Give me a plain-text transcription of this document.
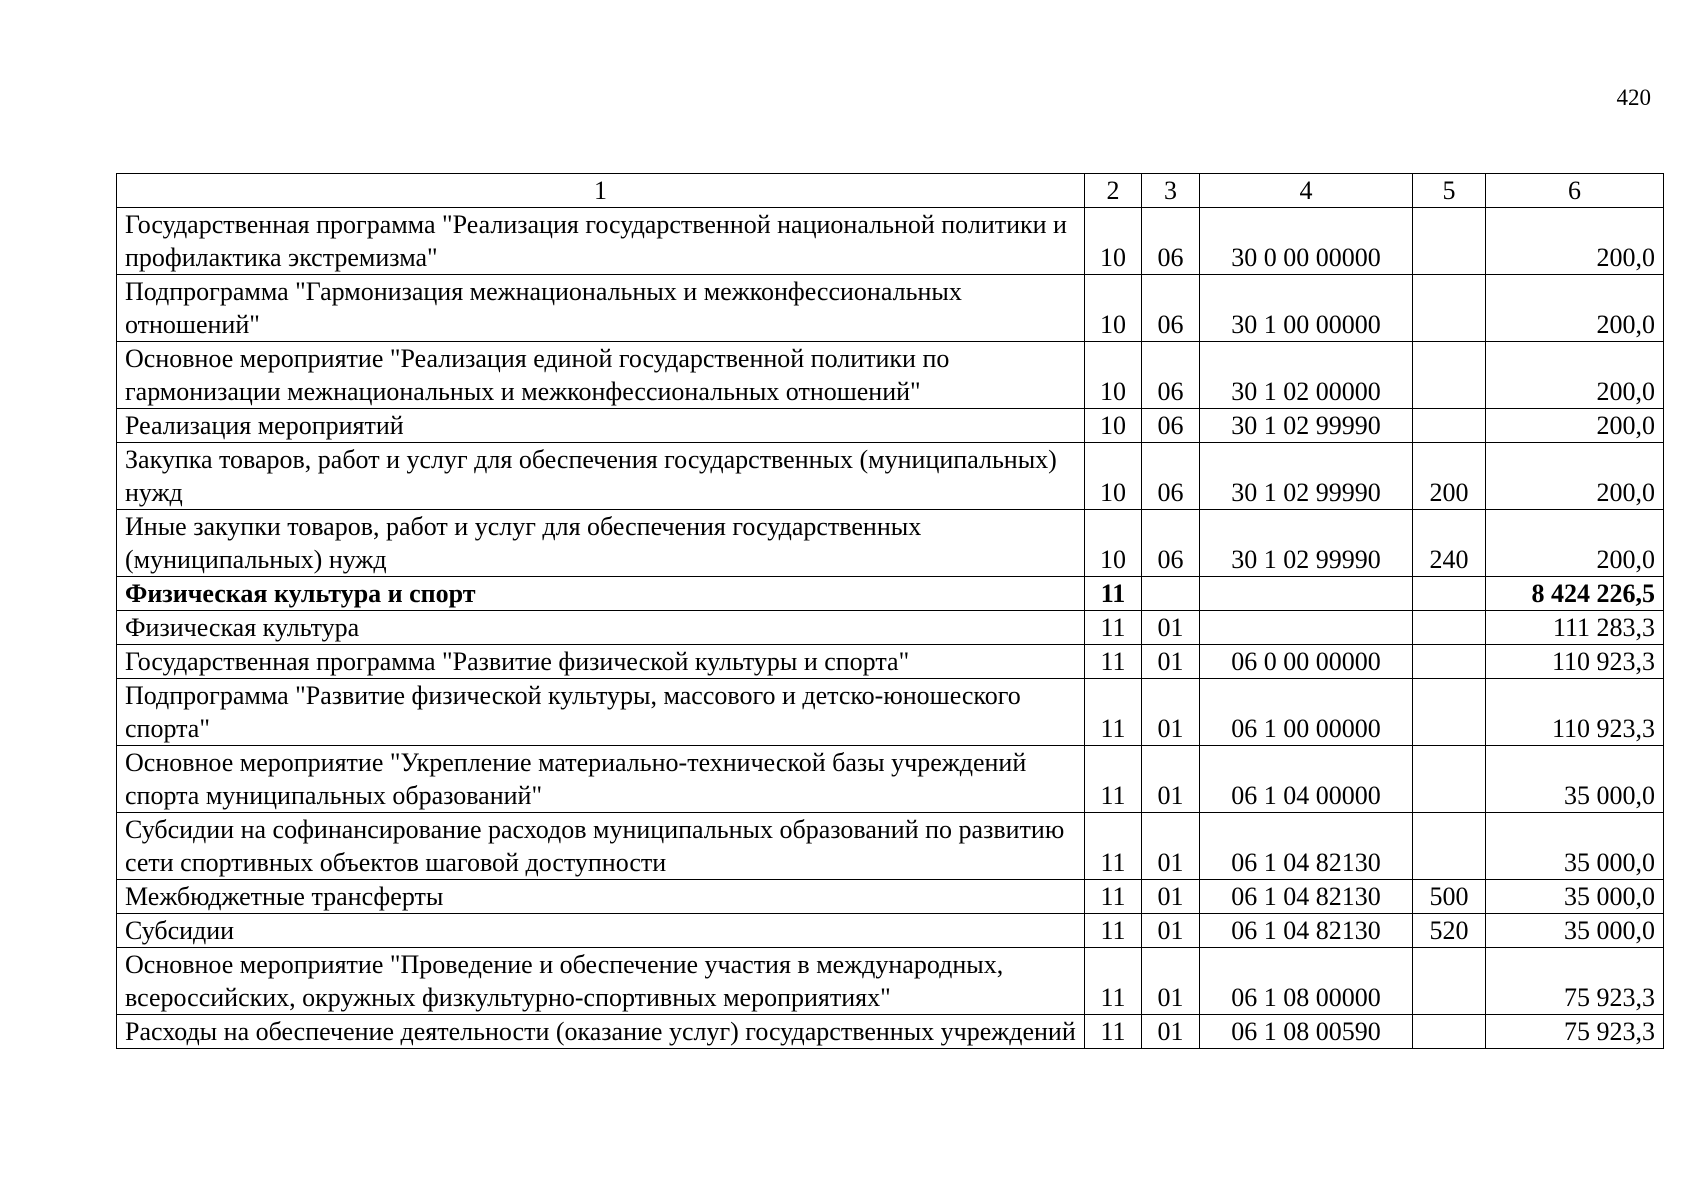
420
1	2	3	4	5	6
Государственная программа "Реализация государственной национальной политики и профилактика экстремизма"	10	06	30 0 00 00000		200,0
Подпрограмма "Гармонизация межнациональных и межконфессиональных отношений"	10	06	30 1 00 00000		200,0
Основное мероприятие "Реализация единой государственной политики по гармонизации межнациональных и межконфессиональных отношений"	10	06	30 1 02 00000		200,0
Реализация мероприятий	10	06	30 1 02 99990		200,0
Закупка товаров, работ и услуг для обеспечения государственных (муниципальных) нужд	10	06	30 1 02 99990	200	200,0
Иные закупки товаров, работ и услуг для обеспечения государственных (муниципальных) нужд	10	06	30 1 02 99990	240	200,0
Физическая культура и спорт	11				8 424 226,5
Физическая культура	11	01			111 283,3
Государственная программа "Развитие физической культуры и спорта"	11	01	06 0 00 00000		110 923,3
Подпрограмма "Развитие физической культуры, массового и детско-юношеского спорта"	11	01	06 1 00 00000		110 923,3
Основное мероприятие "Укрепление материально-технической базы учреждений спорта муниципальных образований"	11	01	06 1 04 00000		35 000,0
Субсидии на софинансирование расходов муниципальных образований по развитию сети спортивных объектов шаговой доступности	11	01	06 1 04 82130		35 000,0
Межбюджетные трансферты	11	01	06 1 04 82130	500	35 000,0
Субсидии	11	01	06 1 04 82130	520	35 000,0
Основное мероприятие "Проведение и обеспечение участия в международных, всероссийских, окружных физкультурно-спортивных мероприятиях"	11	01	06 1 08 00000		75 923,3
Расходы на обеспечение деятельности (оказание услуг) государственных учреждений	11	01	06 1 08 00590		75 923,3
